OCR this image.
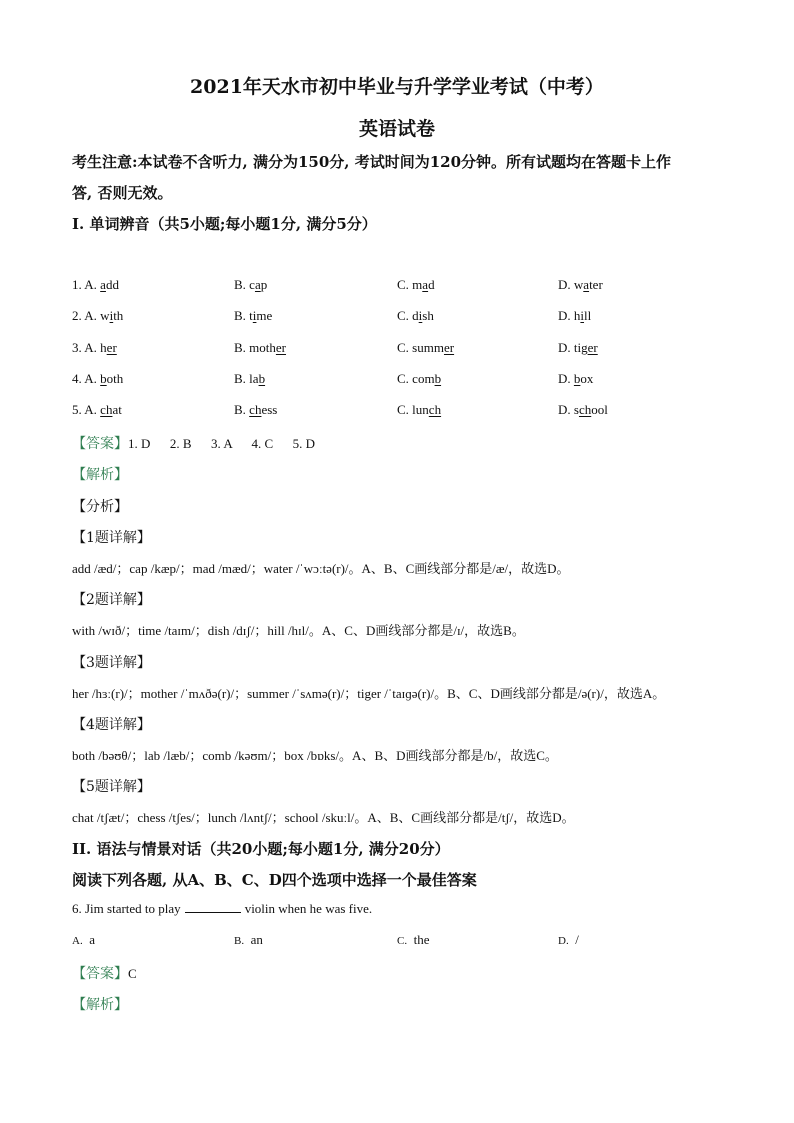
2021年天水市初中毕业与升学学业考试（中考）
英语试卷
考生注意:本试卷不含听力, 满分为150分, 考试时间为120分钟。所有试题均在答题卡上作
答, 否则无效。
I. 单词辨音（共5小题;每小题1分, 满分5分）
1. A. add	B. cap	C. mad	D. water
2. A. with	B. time	C. dish	D. hill
3. A. her	B. mother	C. summer	D. tiger
4. A. both	B. lab	C. comb	D. box
5. A. chat	B. chess	C. lunch	D. school
【答案】1. D      2. B      3. A      4. C      5. D
【解析】
【分析】
【1题详解】
add /æd/；cap /kæp/；mad /mæd/；water /ˈwɔːtə(r)/。A、B、C画线部分都是/æ/，故选D。
【2题详解】
with /wɪð/；time /taɪm/；dish /dɪʃ/；hill /hɪl/。A、C、D画线部分都是/ɪ/，故选B。
【3题详解】
her /hɜː(r)/；mother /ˈmʌðə(r)/；summer /ˈsʌmə(r)/；tiger /ˈtaɪɡə(r)/。B、C、D画线部分都是/ə(r)/，故选A。
【4题详解】
both /bəʊθ/；lab /læb/；comb /kəʊm/；box /bɒks/。A、B、D画线部分都是/b/，故选C。
【5题详解】
chat /tʃæt/；chess /tʃes/；lunch /lʌntʃ/；school /skuːl/。A、B、C画线部分都是/tʃ/，故选D。
II. 语法与情景对话（共20小题;每小题1分, 满分20分）
阅读下列各题, 从A、B、C、D四个选项中选择一个最佳答案
6. Jim started to play	violin when he was five.
A. a	B. an	C. the	D. /
【答案】C
【解析】
